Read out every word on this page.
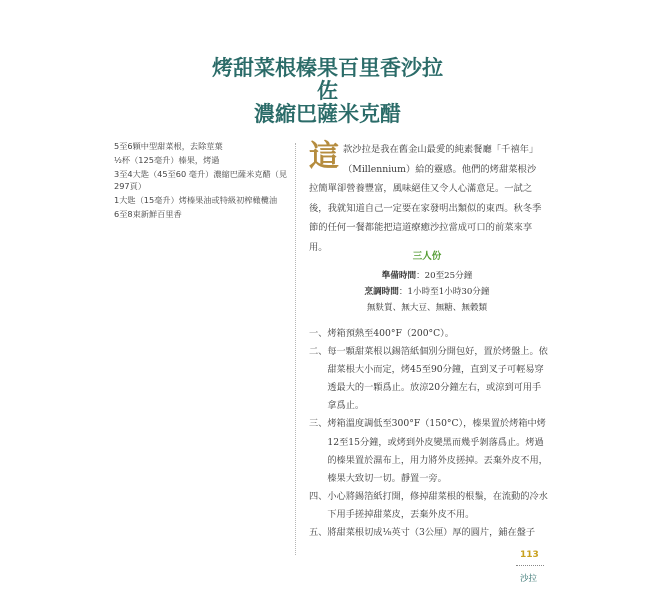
烤甜菜根榛果百里香沙拉
佐
濃縮巴薩米克醋
5至6顆中型甜菜根，去除莖葉
½杯（125毫升）榛果，烤過
3至4大匙（45至60 毫升）濃縮巴薩米克醋（見297頁）
1大匙（15毫升）烤榛果油或特級初榨橄欖油
6至8束新鮮百里香
這 款沙拉是我在舊金山最愛的純素餐廳「千禧年」（Millennium）給的靈感。他們的烤甜菜根沙拉簡單卻營養豐富，風味絕佳又令人心滿意足。一試之後，我就知道自己一定要在家發明出類似的東西。秋冬季節的任何一餐都能把這道療癒沙拉當成可口的前菜來享用。
三人份
準備時間：20至25分鐘
烹調時間：1小時至1小時30分鐘
無麩質、無大豆、無糖、無穀類
一、 烤箱預熱至400°F（200°C）。
二、 每一顆甜菜根以錫箔紙個別分開包好，置於烤盤上。依甜菜根大小而定，烤45至90分鐘，直到叉子可輕易穿透最大的一顆爲止。放涼20分鐘左右，或涼到可用手拿爲止。
三、 烤箱溫度調低至300°F（150°C），榛果置於烤箱中烤12至15分鐘，或烤到外皮變黑而幾乎剝落爲止。烤過的榛果置於濕布上，用力將外皮搓掉。丟棄外皮不用，榛果大致切一切。靜置一旁。
四、 小心將錫箔紙打開，修掉甜菜根的根鬚，在流動的冷水下用手搓掉甜菜皮，丟棄外皮不用。
五、 將甜菜根切成⅛英寸（3公厘）厚的圓片，鋪在盤子
113
沙拉
